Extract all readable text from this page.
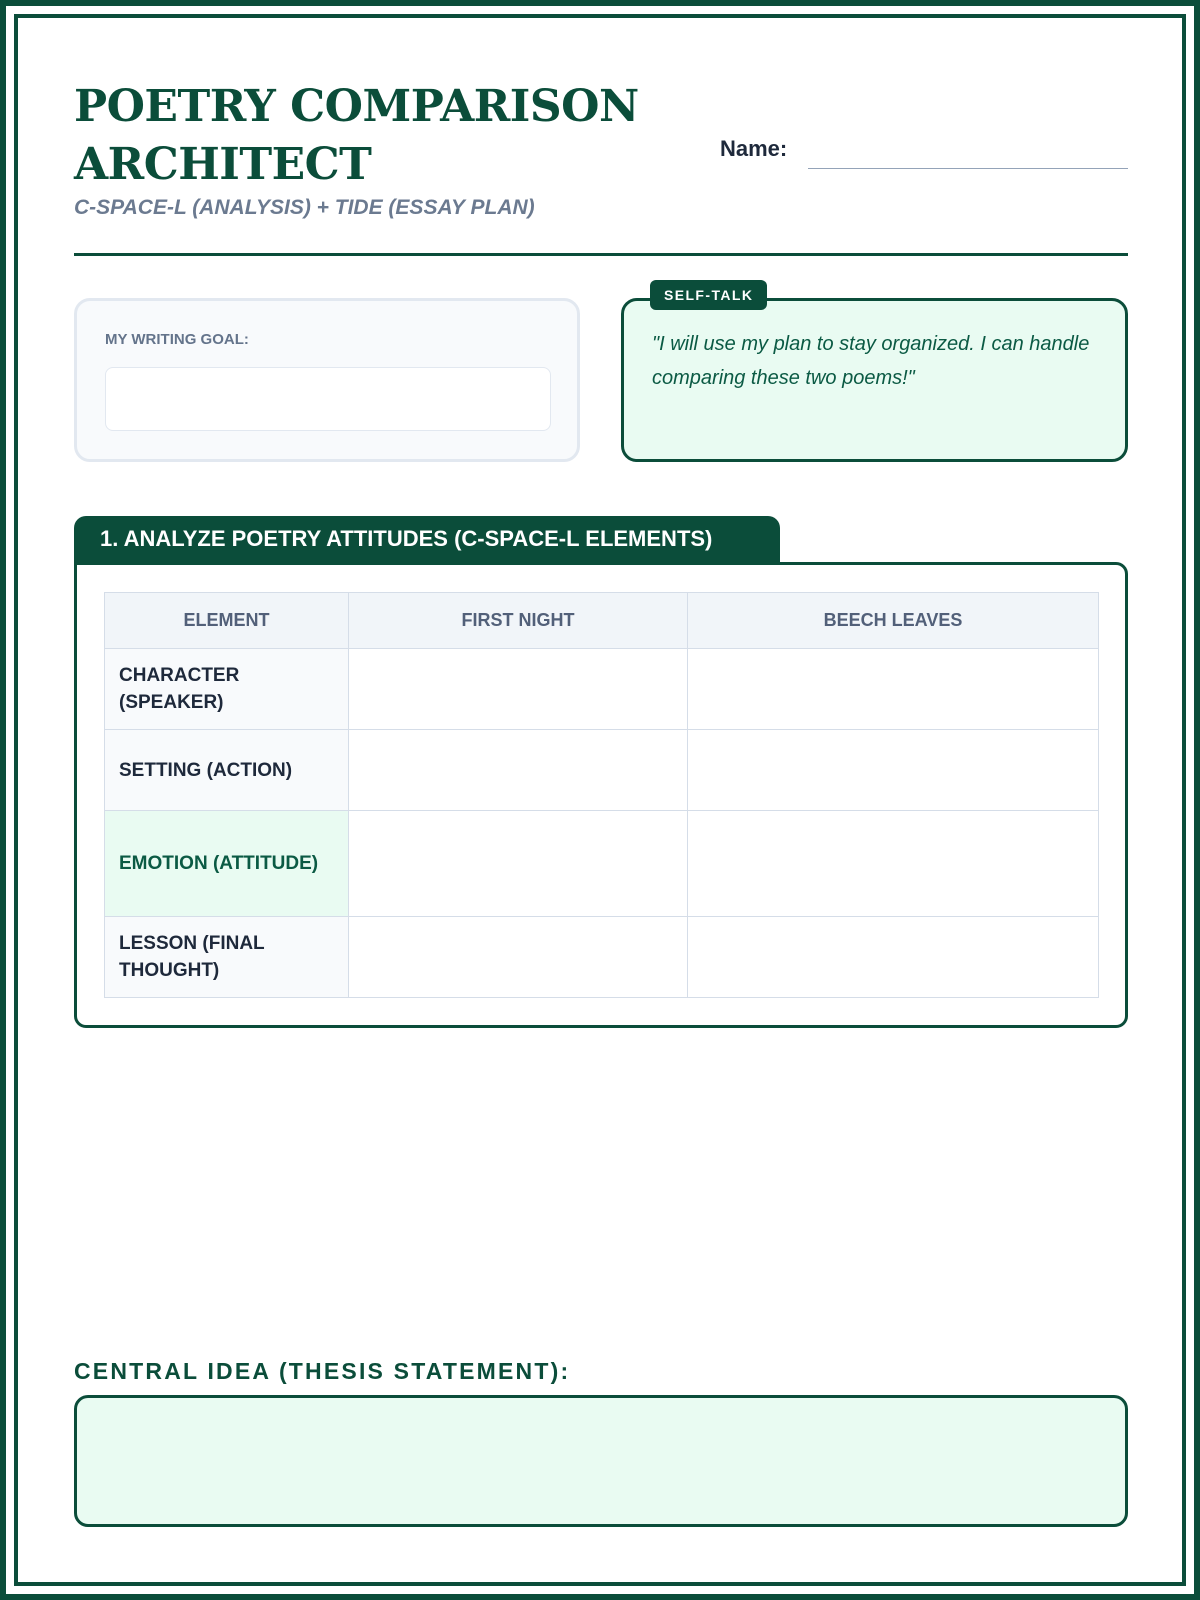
POETRY COMPARISON ARCHITECT
C-SPACE-L (ANALYSIS) + TIDE (ESSAY PLAN)
Name:
MY WRITING GOAL:	"I will use my plan to stay organized. I can handle comparing these two poems!"
SELF-TALK
1. ANALYZE POETRY ATTITUDES (C-SPACE-L ELEMENTS)
ELEMENT	FIRST NIGHT	BEECH LEAVES
CHARACTER (SPEAKER)		
SETTING (ACTION)		
EMOTION (ATTITUDE)		
LESSON (FINAL THOUGHT)		
CENTRAL IDEA (THESIS STATEMENT):
